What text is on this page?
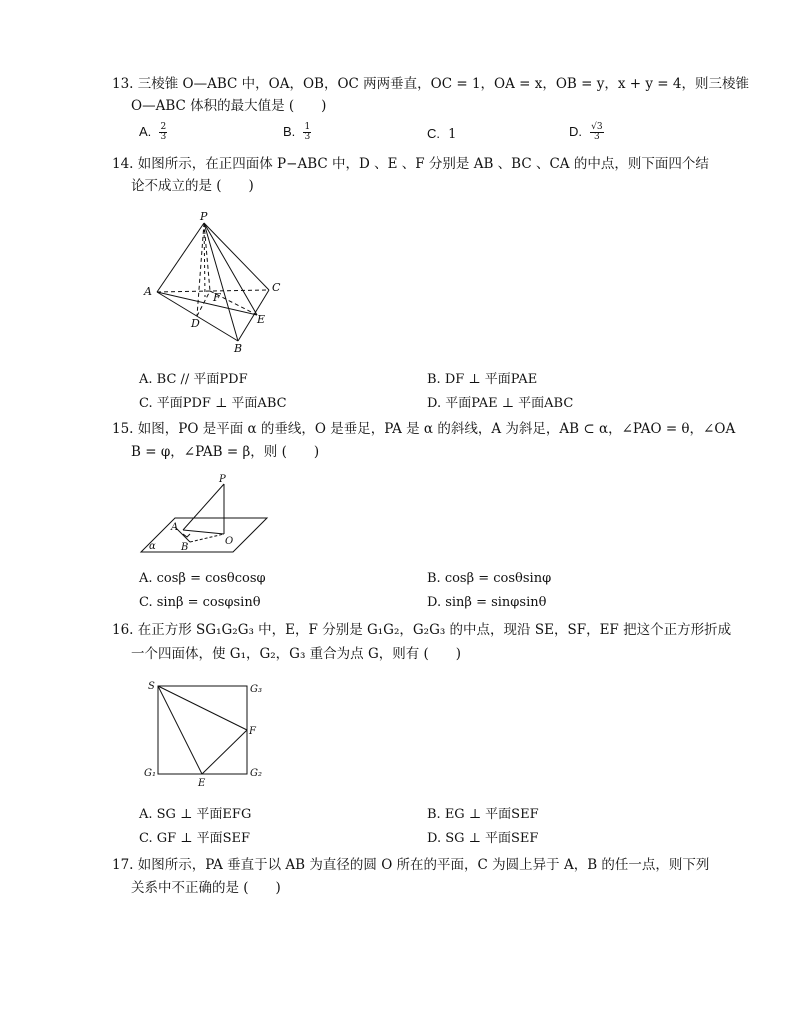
13. 三棱锥 O—ABC 中，OA，OB，OC 两两垂直，OC = 1，OA = x，OB = y，x + y = 4，则三棱锥
O—ABC 体积的最大值是 (　　)
A. $\frac{2}{3}$	B. $\frac{1}{3}$	C. 1	D. $\frac{√3}{3}$
14. 如图所示，在正四面体 P−ABC 中，D 、E 、F 分别是 AB 、BC 、CA 的中点，则下面四个结
论不成立的是 (　　)
P
A	C
B
D	E
F
A. BC // 平面PDF	B. DF ⊥ 平面PAE
C. 平面PDF ⊥ 平面ABC	D. 平面PAE ⊥ 平面ABC
15. 如图，PO 是平面 α 的垂线，O 是垂足，PA 是 α 的斜线，A 为斜足，AB ⊂ α，∠PAO = θ，∠OA
B = φ，∠PAB = β，则 (　　)
P
A
B
O
α
A. cosβ = cosθcosφ	B. cosβ = cosθsinφ
C. sinβ = cosφsinθ	D. sinβ = sinφsinθ
16. 在正方形 SG₁G₂G₃ 中，E，F 分别是 G₁G₂，G₂G₃ 的中点，现沿 SE，SF，EF 把这个正方形折成
一个四面体，使 G₁，G₂，G₃ 重合为点 G，则有 (　　)
S	G₃
F
G₁	G₂
E
A. SG ⊥ 平面EFG	B. EG ⊥ 平面SEF
C. GF ⊥ 平面SEF	D. SG ⊥ 平面SEF
17. 如图所示，PA 垂直于以 AB 为直径的圆 O 所在的平面，C 为圆上异于 A，B 的任一点，则下列
关系中不正确的是 (　　)
